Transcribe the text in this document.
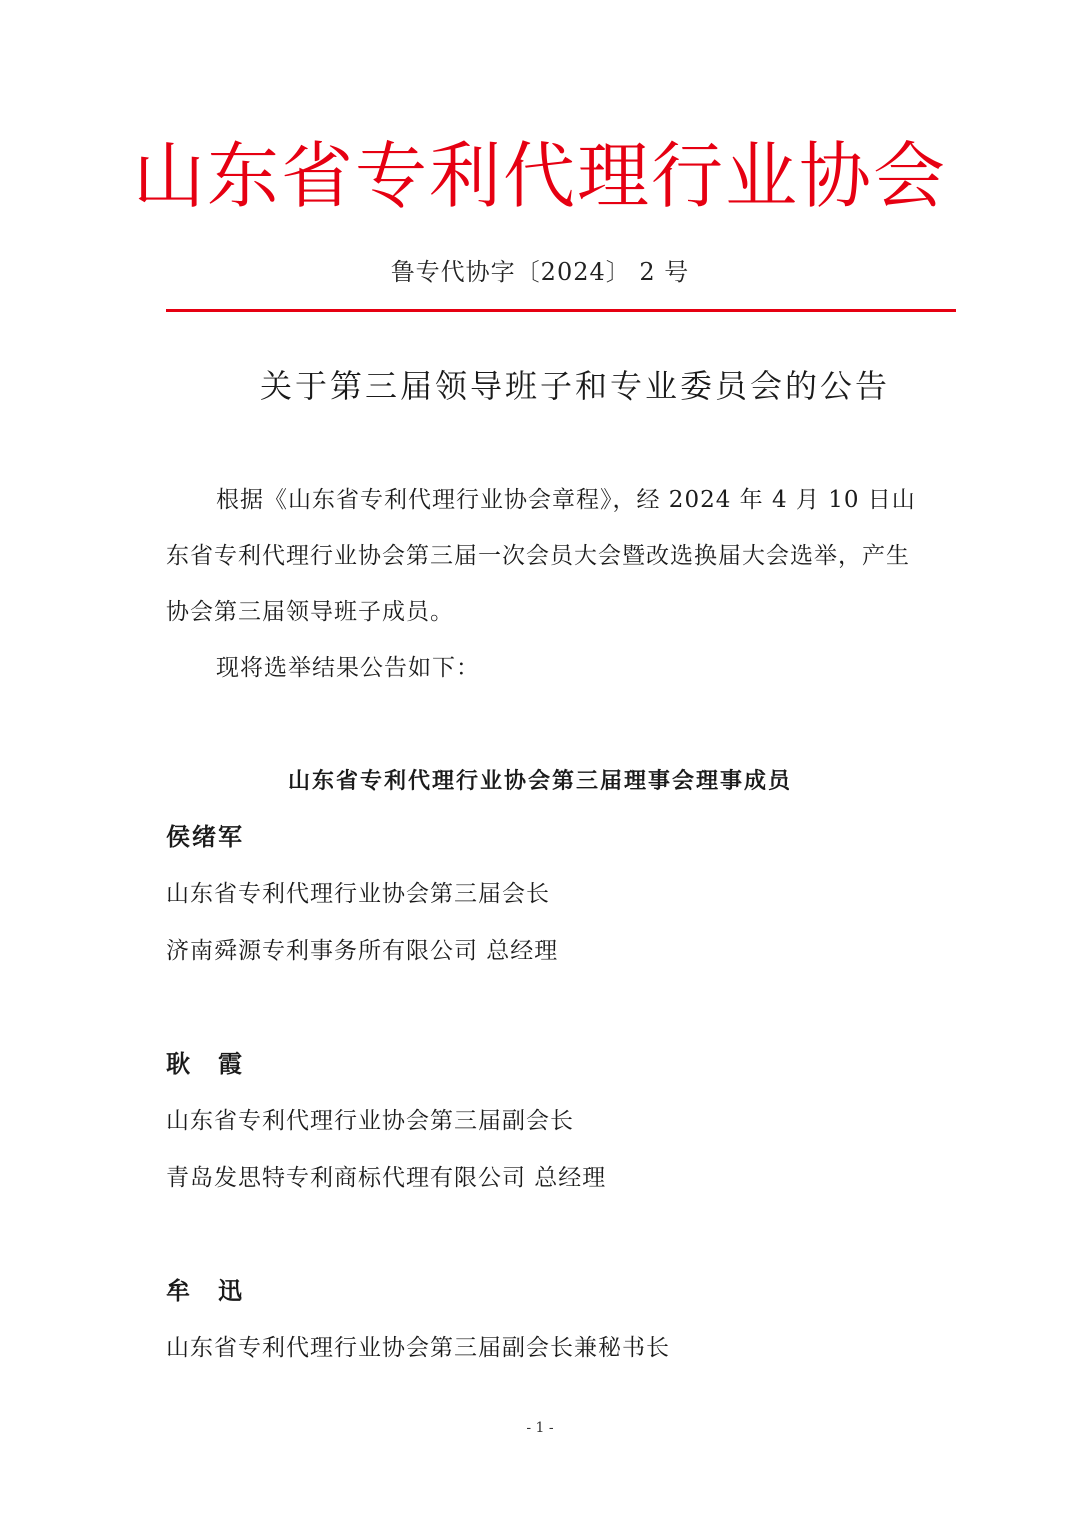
山东省专利代理行业协会
鲁专代协字〔2024〕 2 号
关于第三届领导班子和专业委员会的公告
根据《山东省专利代理行业协会章程》，经 2024 年 4 月 10 日山东省专利代理行业协会第三届一次会员大会暨改选换届大会选举，产生协会第三届领导班子成员。
现将选举结果公告如下：
山东省专利代理行业协会第三届理事会理事成员
侯绪军
山东省专利代理行业协会第三届会长
济南舜源专利事务所有限公司 总经理
耿　霞
山东省专利代理行业协会第三届副会长
青岛发思特专利商标代理有限公司 总经理
牟　迅
山东省专利代理行业协会第三届副会长兼秘书长
- 1 -
